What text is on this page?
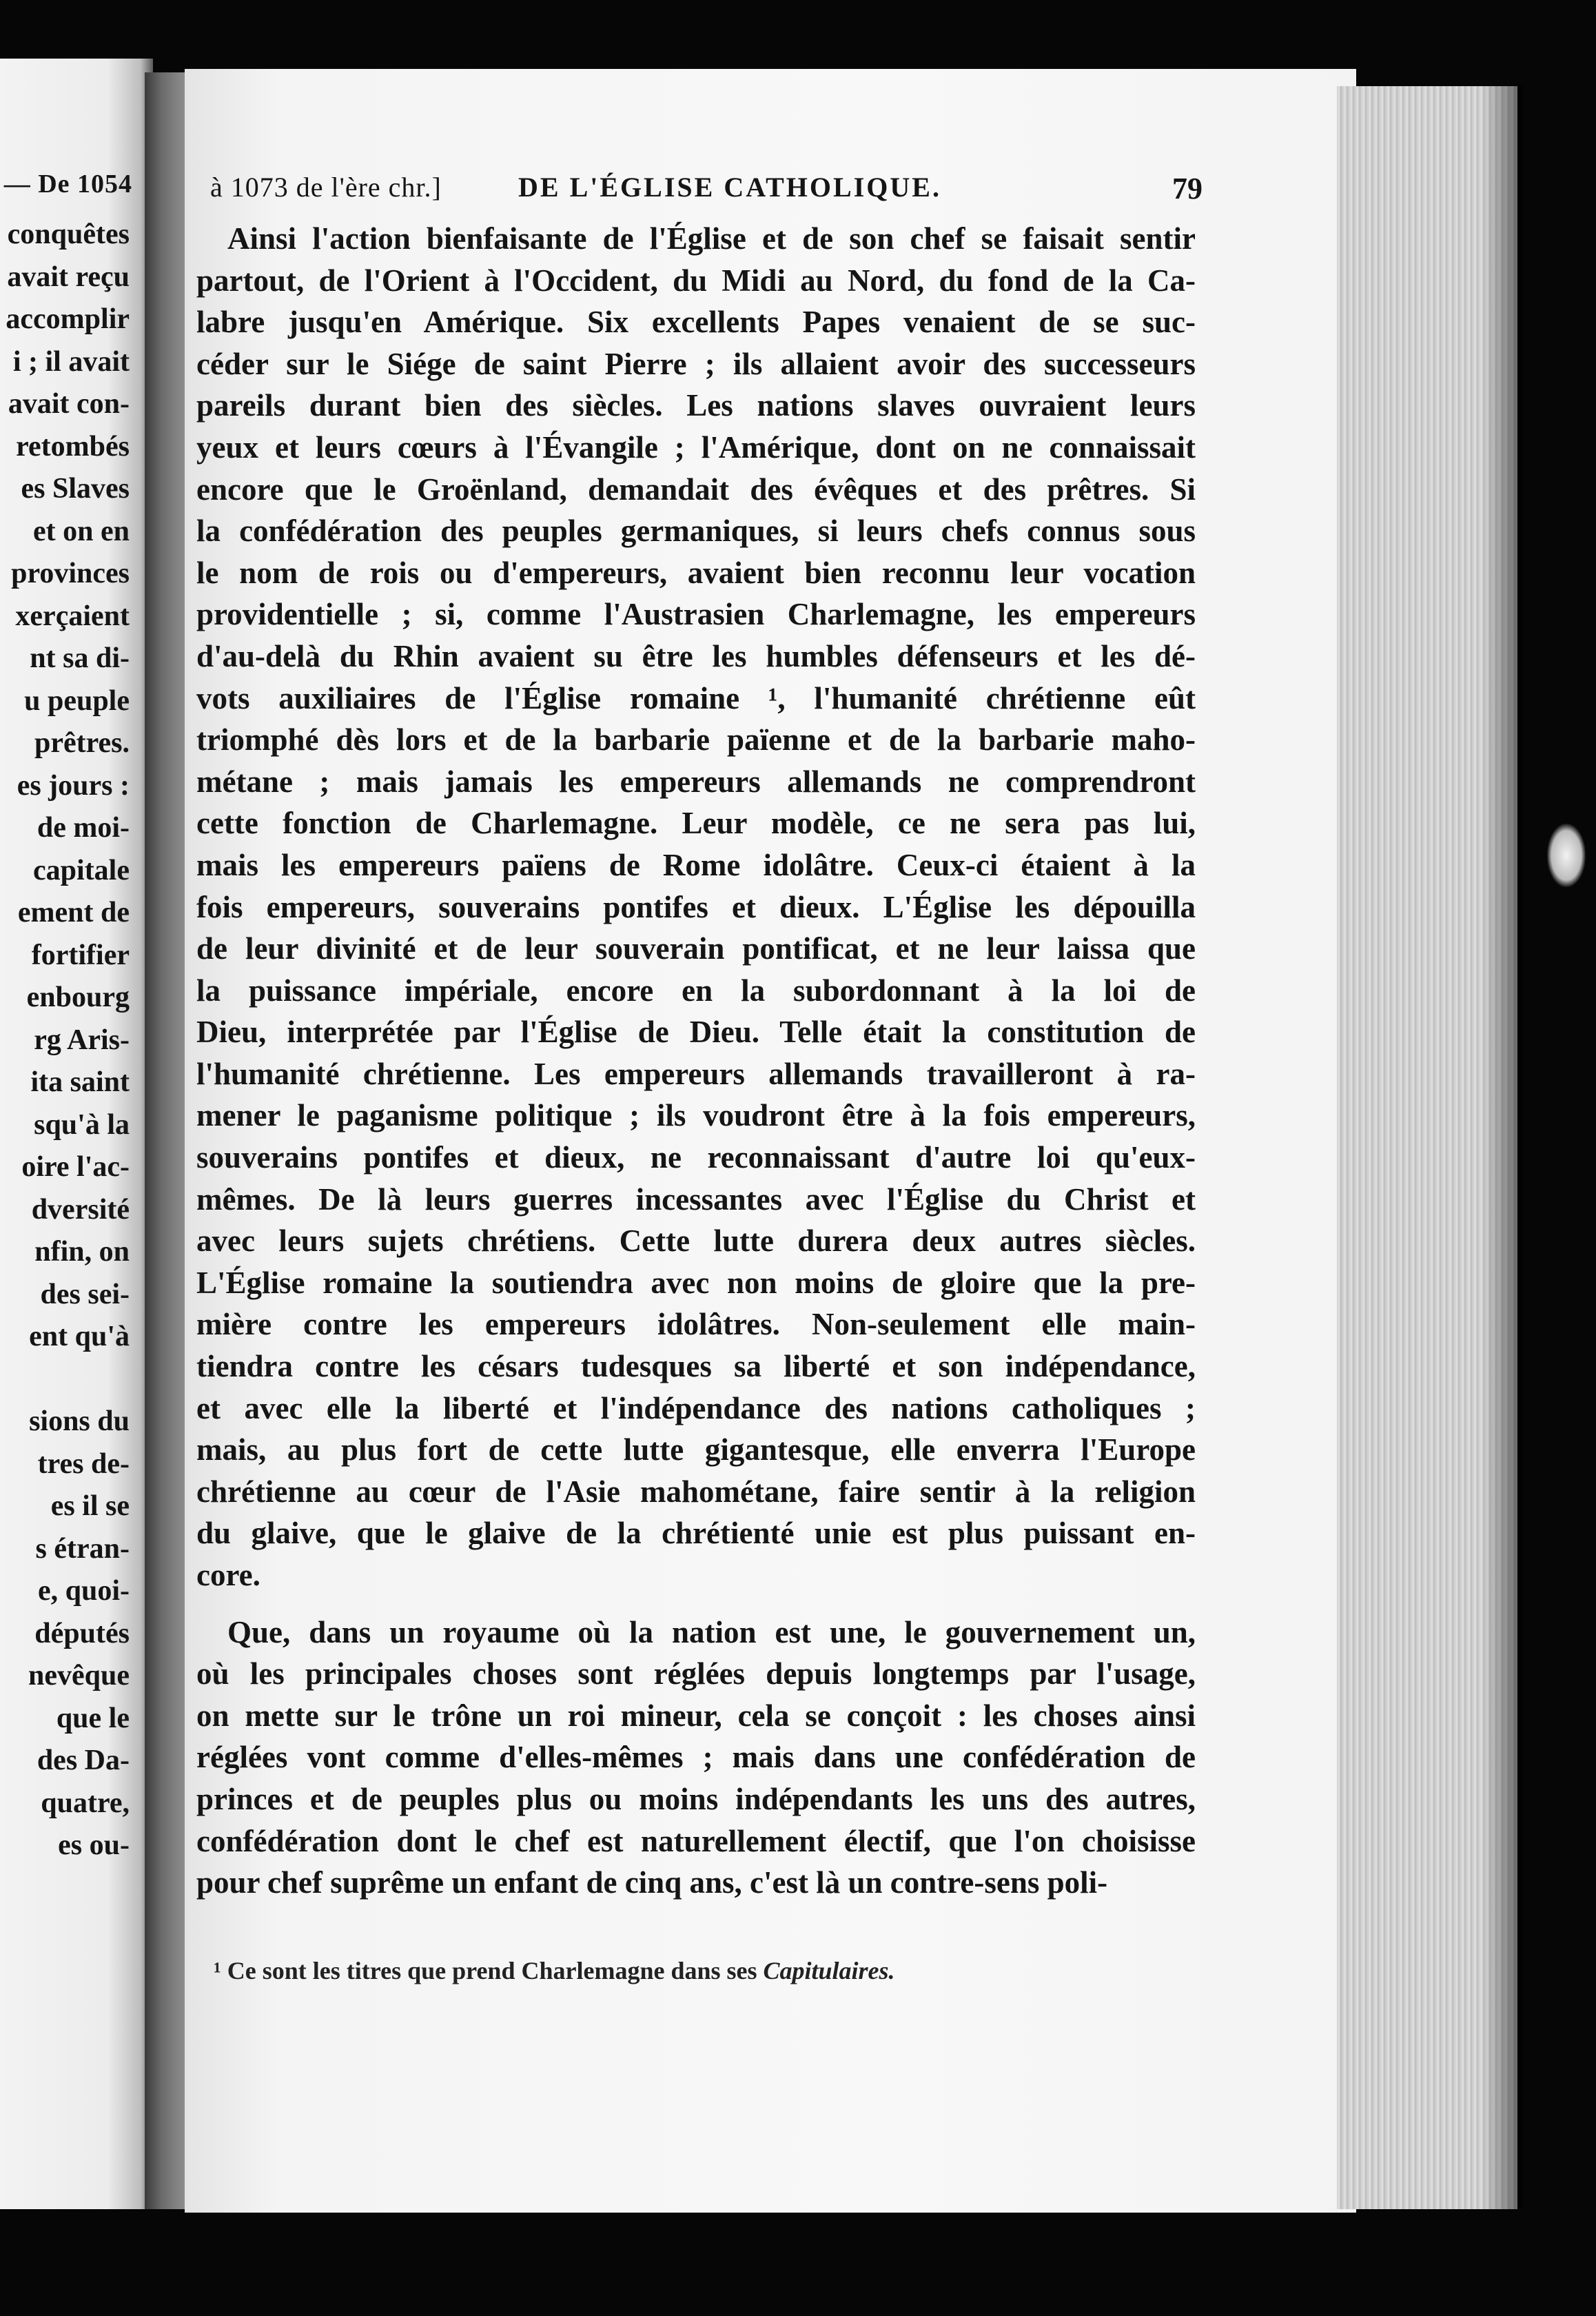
— De 1054
conquêtes
avait reçu
accomplir
i ; il avait
avait con-
retombés
es Slaves
et on en
provinces
xerçaient
nt sa di-
u peuple
prêtres.
es jours :
de moi-
capitale
ement de
fortifier
enbourg
rg Aris-
ita saint
squ'à la
oire l'ac-
dversité
nfin, on
des sei-
ent qu'à
sions du
tres de-
es il se
s étran-
e, quoi-
députés
nevêque
que le
des Da-
quatre,
es ou-
à 1073 de l'ère chr.]	DE L'ÉGLISE CATHOLIQUE.	79
Ainsi l'action bienfaisante de l'Église et de son chef se faisait sentir
partout, de l'Orient à l'Occident, du Midi au Nord, du fond de la Ca-
labre jusqu'en Amérique. Six excellents Papes venaient de se suc-
céder sur le Siége de saint Pierre ; ils allaient avoir des successeurs
pareils durant bien des siècles. Les nations slaves ouvraient leurs
yeux et leurs cœurs à l'Évangile ; l'Amérique, dont on ne connaissait
encore que le Groënland, demandait des évêques et des prêtres. Si
la confédération des peuples germaniques, si leurs chefs connus sous
le nom de rois ou d'empereurs, avaient bien reconnu leur vocation
providentielle ; si, comme l'Austrasien Charlemagne, les empereurs
d'au-delà du Rhin avaient su être les humbles défenseurs et les dé-
vots auxiliaires de l'Église romaine ¹, l'humanité chrétienne eût
triomphé dès lors et de la barbarie païenne et de la barbarie maho-
métane ; mais jamais les empereurs allemands ne comprendront
cette fonction de Charlemagne. Leur modèle, ce ne sera pas lui,
mais les empereurs païens de Rome idolâtre. Ceux-ci étaient à la
fois empereurs, souverains pontifes et dieux. L'Église les dépouilla
de leur divinité et de leur souverain pontificat, et ne leur laissa que
la puissance impériale, encore en la subordonnant à la loi de
Dieu, interprétée par l'Église de Dieu. Telle était la constitution de
l'humanité chrétienne. Les empereurs allemands travailleront à ra-
mener le paganisme politique ; ils voudront être à la fois empereurs,
souverains pontifes et dieux, ne reconnaissant d'autre loi qu'eux-
mêmes. De là leurs guerres incessantes avec l'Église du Christ et
avec leurs sujets chrétiens. Cette lutte durera deux autres siècles.
L'Église romaine la soutiendra avec non moins de gloire que la pre-
mière contre les empereurs idolâtres. Non-seulement elle main-
tiendra contre les césars tudesques sa liberté et son indépendance,
et avec elle la liberté et l'indépendance des nations catholiques ;
mais, au plus fort de cette lutte gigantesque, elle enverra l'Europe
chrétienne au cœur de l'Asie mahométane, faire sentir à la religion
du glaive, que le glaive de la chrétienté unie est plus puissant en-
core.
Que, dans un royaume où la nation est une, le gouvernement un,
où les principales choses sont réglées depuis longtemps par l'usage,
on mette sur le trône un roi mineur, cela se conçoit : les choses ainsi
réglées vont comme d'elles-mêmes ; mais dans une confédération de
princes et de peuples plus ou moins indépendants les uns des autres,
confédération dont le chef est naturellement électif, que l'on choisisse
pour chef suprême un enfant de cinq ans, c'est là un contre-sens poli-
¹ Ce sont les titres que prend Charlemagne dans ses Capitulaires.
